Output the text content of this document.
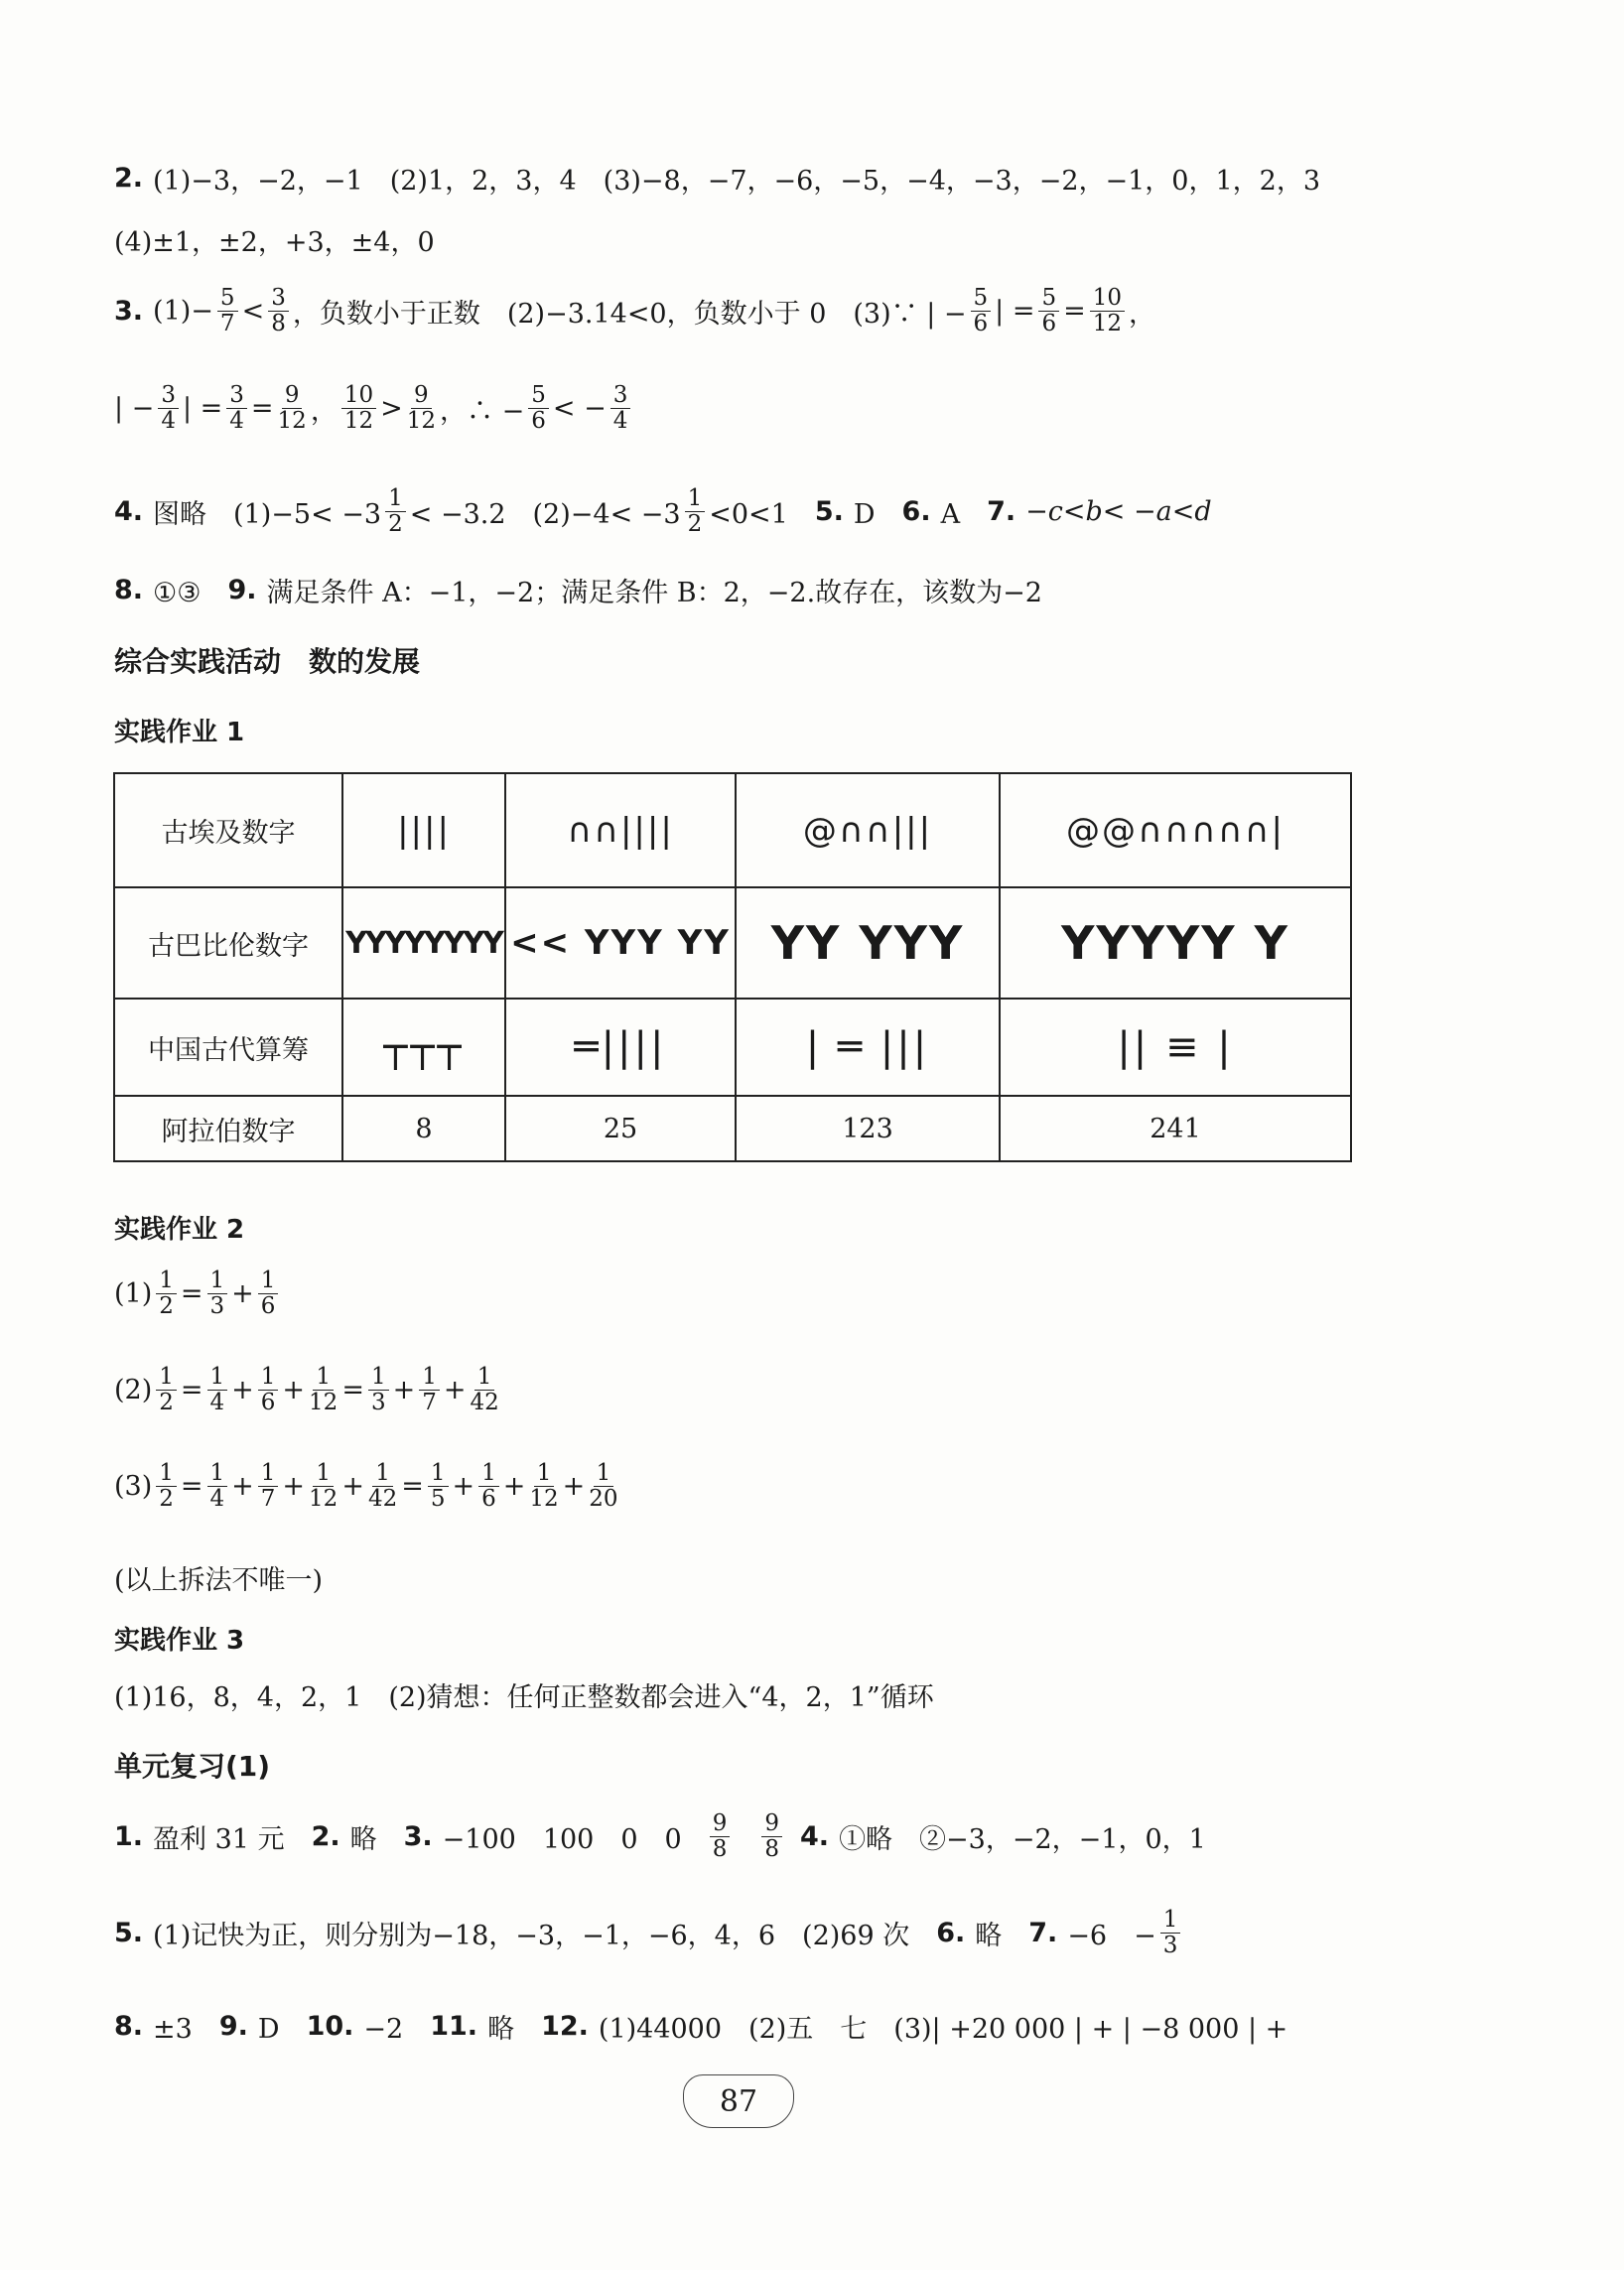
2. (1)−3，−2，−1　(2)1，2，3，4　(3)−8，−7，−6，−5，−4，−3，−2，−1，0，1，2，3
(4)±1，±2，+3，±4，0
3. $(1)- \frac{5}{7} < \frac{3}{8}$ ，负数小于正数　(2)−3.14<0，负数小于 0　(3)∵ | − $\frac{5}{6}$ | = $\frac{5}{6} = \frac{10}{12}$ ，
| − $\frac{3}{4}$ | = $\frac{3}{4} = \frac{9}{12}$ ， $\frac{10}{12} > \frac{9}{12}$ ，∴ − $\frac{5}{6}$ < − $\frac{3}{4}$
4. 图略　$(1)-5< -3 \frac{1}{2} < -3.2$　$(2)-4< -3 \frac{1}{2} <0<1$　 5. D　 6. A　 7. −c<b< −a<d
8. ①③　 9. 满足条件 A：−1，−2；满足条件 B：2，−2.故存在，该数为−2
综合实践活动　数的发展
实践作业 1
古埃及数字	||||	∩∩||||	@∩∩|||	@@∩∩∩∩∩|
古巴比伦数字	YYYYYYYY	<< YYY YY	YY YYY	YYYYY Y
中国古代算筹	┬┬┬	═||||	| ═ |||	|| ≡ |
阿拉伯数字	8	25	123	241
实践作业 2
$(1) \frac{1}{2} = \frac{1}{3} + \frac{1}{6}$
$(2) \frac{1}{2} = \frac{1}{4} + \frac{1}{6} + \frac{1}{12} = \frac{1}{3} + \frac{1}{7} + \frac{1}{42}$
$(3) \frac{1}{2} = \frac{1}{4} + \frac{1}{7} + \frac{1}{12} + \frac{1}{42} = \frac{1}{5} + \frac{1}{6} + \frac{1}{12} + \frac{1}{20}$
(以上拆法不唯一)
实践作业 3
(1)16，8，4，2，1　(2)猜想：任何正整数都会进入“4，2，1”循环
单元复习(1)
1. 盈利 31 元　 2. 略　 3. −100　100　0　$0 \frac{9}{8} \frac{9}{8} 4$. ①略　②−3，−2，−1，0，1
5. (1)记快为正，则分别为−18，−3，−1，−6，4，6　(2)69 次　 6. 略　 7. −6　− $\frac{1}{3}$
8. ±3　 9. D　 10. −2　 11. 略　 12. (1)44000　(2)五　七　(3)| +20 000 | + | −8 000 | +
87
